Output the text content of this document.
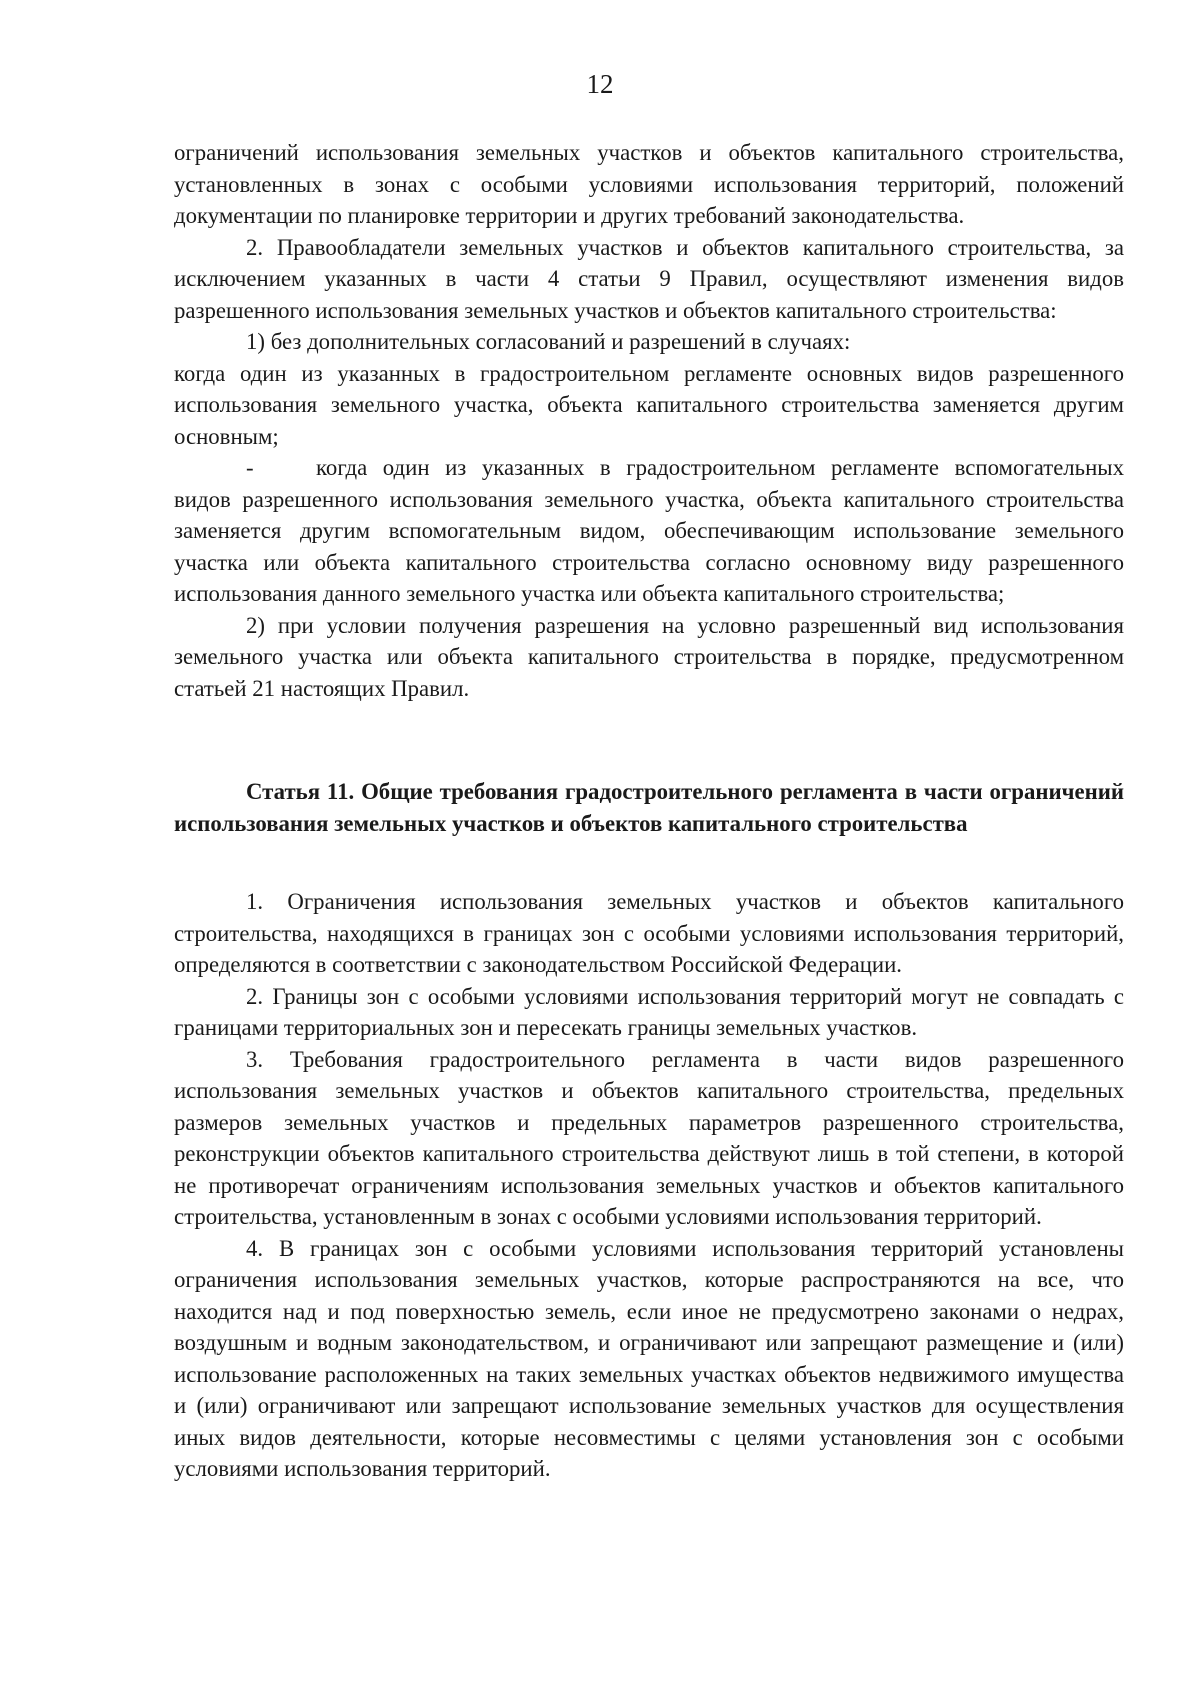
12

ограничений использования земельных участков и объектов капитального строительства, установленных в зонах с особыми условиями использования территорий, положений документации по планировке территории и других требований законодательства.

2. Правообладатели земельных участков и объектов капитального строительства, за исключением указанных в части 4 статьи 9 Правил, осуществляют изменения видов разрешенного использования земельных участков и объектов капитального строительства:

1) без дополнительных согласований и разрешений в случаях:

когда один из указанных в градостроительном регламенте основных видов разрешенного использования земельного участка, объекта капитального строительства заменяется другим основным;

-	когда один из указанных в градостроительном регламенте вспомогательных

видов разрешенного использования земельного участка, объекта капитального строительства заменяется другим вспомогательным видом, обеспечивающим использование земельного участка или объекта капитального строительства согласно основному виду разрешенного использования данного земельного участка или объекта капитального строительства;

2) при условии получения разрешения на условно разрешенный вид использования земельного участка или объекта капитального строительства в порядке, предусмотренном статьей 21 настоящих Правил.

Статья 11. Общие требования градостроительного регламента в части ограничений использования земельных участков и объектов капитального строительства

1. Ограничения использования земельных участков и объектов капитального строительства, находящихся в границах зон с особыми условиями использования территорий, определяются в соответствии с законодательством Российской Федерации.

2. Границы зон с особыми условиями использования территорий могут не совпадать с границами территориальных зон и пересекать границы земельных участков.

3. Требования градостроительного регламента в части видов разрешенного использования земельных участков и объектов капитального строительства, предельных размеров земельных участков и предельных параметров разрешенного строительства, реконструкции объектов капитального строительства действуют лишь в той степени, в которой не противоречат ограничениям использования земельных участков и объектов капитального строительства, установленным в зонах с особыми условиями использования территорий.

4. В границах зон с особыми условиями использования территорий установлены ограничения использования земельных участков, которые распространяются на все, что находится над и под поверхностью земель, если иное не предусмотрено законами о недрах, воздушным и водным законодательством, и ограничивают или запрещают размещение и (или) использование расположенных на таких земельных участках объектов недвижимого имущества и (или) ограничивают или запрещают использование земельных участков для осуществления иных видов деятельности, которые несовместимы с целями установления зон с особыми условиями использования территорий.
